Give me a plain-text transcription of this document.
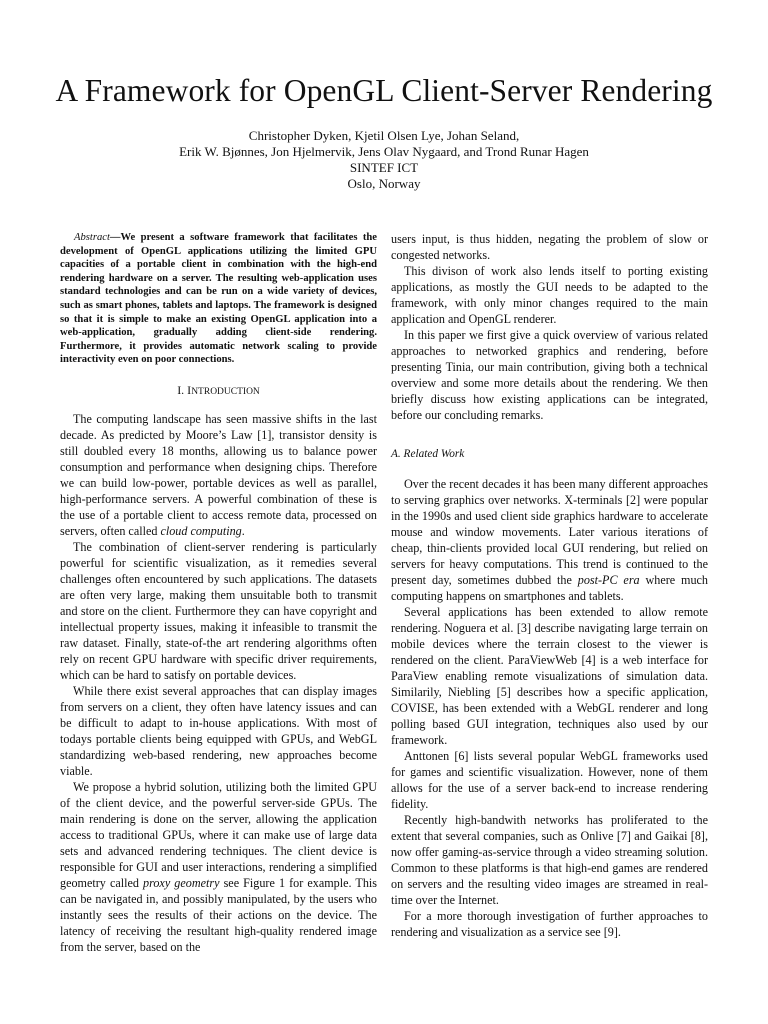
A Framework for OpenGL Client-Server Rendering
Christopher Dyken, Kjetil Olsen Lye, Johan Seland,
Erik W. Bjønnes, Jon Hjelmervik, Jens Olav Nygaard, and Trond Runar Hagen
SINTEF ICT
Oslo, Norway

Abstract—We present a software framework that facilitates the development of OpenGL applications utilizing the limited GPU capacities of a portable client in combination with the high-end rendering hardware on a server. The resulting web-application uses standard technologies and can be run on a wide variety of devices, such as smart phones, tablets and laptops. The framework is designed so that it is simple to make an existing OpenGL application into a web-application, gradually adding client-side rendering. Furthermore, it provides automatic network scaling to provide interactivity even on poor connections.

I. INTRODUCTION

The computing landscape has seen massive shifts in the last decade. As predicted by Moore’s Law [1], transistor density is still doubled every 18 months, allowing us to balance power consumption and performance when designing chips. Therefore we can build low-power, portable devices as well as parallel, high-performance servers. A powerful combination of these is the use of a portable client to access remote data, processed on servers, often called cloud computing.

The combination of client-server rendering is particularly powerful for scientific visualization, as it remedies several challenges often encountered by such applications. The datasets are often very large, making them unsuitable both to transmit and store on the client. Furthermore they can have copyright and intellectual property issues, making it infeasible to transmit the raw dataset. Finally, state-of-the art rendering algorithms often rely on recent GPU hardware with specific driver requirements, which can be hard to satisfy on portable devices.

While there exist several approaches that can display images from servers on a client, they often have latency issues and can be difficult to adapt to in-house applications. With most of todays portable clients being equipped with GPUs, and WebGL standardizing web-based rendering, new approaches become viable.

We propose a hybrid solution, utilizing both the limited GPU of the client device, and the powerful server-side GPUs. The main rendering is done on the server, allowing the application access to traditional GPUs, where it can make use of large data sets and advanced rendering techniques. The client device is responsible for GUI and user interactions, rendering a simplified geometry called proxy geometry see Figure 1 for example. This can be navigated in, and possibly manipulated, by the users who instantly sees the results of their actions on the device. The latency of receiving the resultant high-quality rendered image from the server, based on the

users input, is thus hidden, negating the problem of slow or congested networks.

This divison of work also lends itself to porting existing applications, as mostly the GUI needs to be adapted to the framework, with only minor changes required to the main application and OpenGL renderer.

In this paper we first give a quick overview of various related approaches to networked graphics and rendering, before presenting Tinia, our main contribution, giving both a technical overview and some more details about the rendering. We then briefly discuss how existing applications can be integrated, before our concluding remarks.

A. Related Work

Over the recent decades it has been many different approaches to serving graphics over networks. X-terminals [2] were popular in the 1990s and used client side graphics hardware to accelerate mouse and window movements. Later various iterations of cheap, thin-clients provided local GUI rendering, but relied on servers for heavy computations. This trend is continued to the present day, sometimes dubbed the post-PC era where much computing happens on smartphones and tablets.

Several applications has been extended to allow remote rendering. Noguera et al. [3] describe navigating large terrain on mobile devices where the terrain closest to the viewer is rendered on the client. ParaViewWeb [4] is a web interface for ParaView enabling remote visualizations of simulation data. Similarily, Niebling [5] describes how a specific application, COVISE, has been extended with a WebGL renderer and long polling based GUI integration, techniques also used by our framework.

Anttonen [6] lists several popular WebGL frameworks used for games and scientific visualization. However, none of them allows for the use of a server back-end to increase rendering fidelity.

Recently high-bandwith networks has proliferated to the extent that several companies, such as Onlive [7] and Gaikai [8], now offer gaming-as-service through a video streaming solution. Common to these platforms is that high-end games are rendered on servers and the resulting video images are streamed in real-time over the Internet.

For a more thorough investigation of further approaches to rendering and visualization as a service see [9].
